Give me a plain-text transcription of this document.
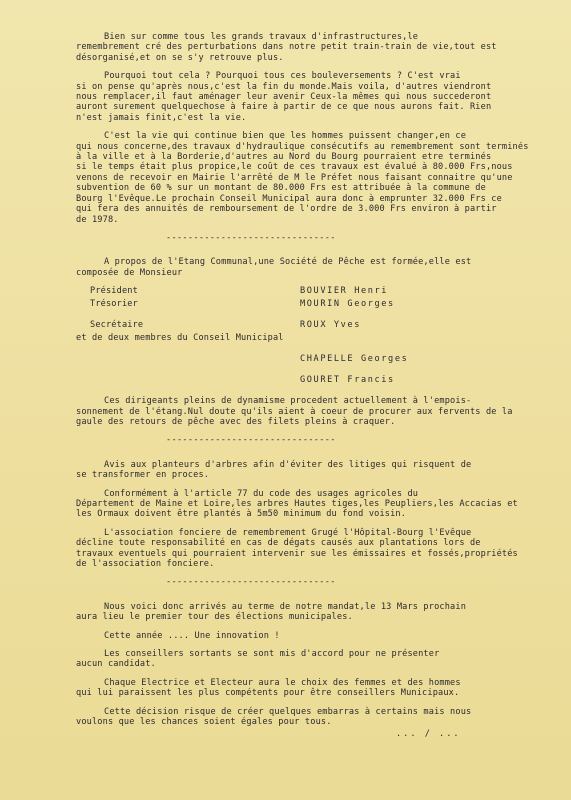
Bien sur comme tous les grands travaux d'infrastructures,le
remembrement cré des perturbations dans notre petit train-train de vie,tout est
désorganisé,et on se s'y retrouve plus.

Pourquoi tout cela ? Pourquoi tous ces bouleversements ? C'est vrai
si on pense qu'après nous,c'est la fin du monde.Mais voila, d'autres viendront
nous remplacer,il faut aménager leur avenir Ceux-la mêmes qui nous succederont
auront surement quelquechose à faire à partir de ce que nous aurons fait. Rien
n'est jamais finit,c'est la vie.

C'est la vie qui continue bien que les hommes puissent changer,en ce
qui nous concerne,des travaux d'hydraulique consécutifs au remembrement sont terminés
à la ville et à la Borderie,d'autres au Nord du Bourg pourraient etre terminés
si le temps était plus propice,le coût de ces travaux est évalué à 80.000 Frs,nous
venons de recevoir en Mairie l'arrêté de M le Préfet nous faisant connaitre qu'une
subvention de 60 % sur un montant de 80.000 Frs est attribuée à la commune de
Bourg l'Evêque.Le prochain Conseil Municipal aura donc à emprunter 32.000 Frs ce
qui fera des annuités de remboursement de l'ordre de 3.000 Frs environ à partir
de 1978.

-------------------------------

A propos de l'Etang Communal,une Société de Pêche est formée,elle est
composée de Monsieur

Président	BOUVIER Henri
Trésorier	MOURIN Georges
Secrétaire	ROUX Yves
et de deux membres du Conseil Municipal
CHAPELLE Georges
GOURET Francis

Ces dirigeants pleins de dynamisme procedent actuellement à l'empois-
sonnement de l'étang.Nul doute qu'ils aient à coeur de procurer aux fervents de la
gaule des retours de pêche avec des filets pleins à craquer.

-------------------------------

Avis aux planteurs d'arbres afin d'éviter des litiges qui risquent de
se transformer en proces.

Conformément à l'article 77 du code des usages agricoles du
Département de Maine et Loire,les arbres Hautes tiges,les Peupliers,les Accacias et
les Ormaux doivent être plantés à 5m50 minimum du fond voisin.

L'association fonciere de remembrement Grugé l'Hôpital-Bourg l'Evêque
décline toute responsabilité en cas de dégats causés aux plantations lors de
travaux eventuels qui pourraient intervenir sue les émissaires et fossés,propriétés
de l'association fonciere.

-------------------------------

Nous voici donc arrivés au terme de notre mandat,le 13 Mars prochain
aura lieu le premier tour des élections municipales.

Cette année .... Une innovation !

Les conseillers sortants se sont mis d'accord pour ne présenter
aucun candidat.

Chaque Electrice et Electeur aura le choix des femmes et des hommes
qui lui paraissent les plus compétents pour être conseillers Municipaux.

Cette décision risque de créer quelques embarras à certains mais nous
voulons que les chances soient égales pour tous.

... / ...
